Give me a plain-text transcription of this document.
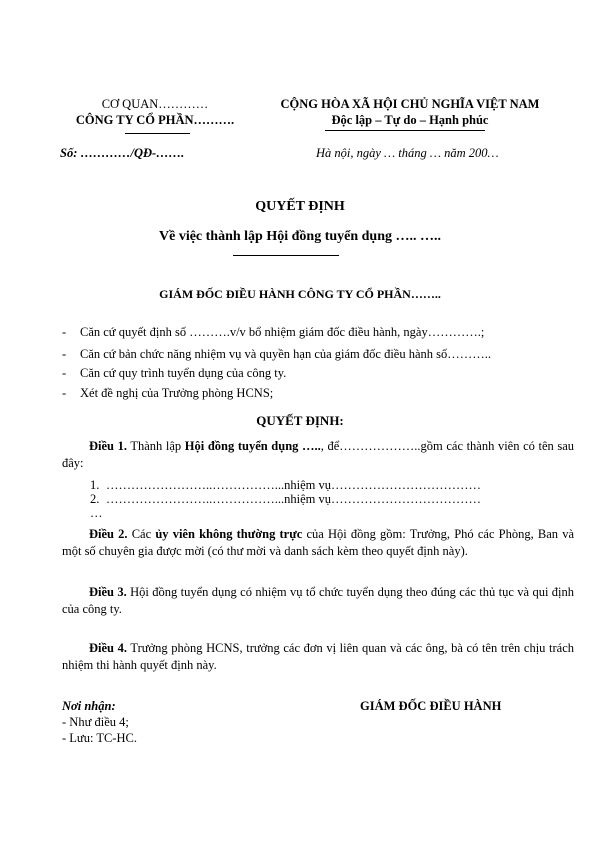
CƠ QUAN…………
CÔNG TY CỔ PHẦN……….
CỘNG HÒA XÃ HỘI CHỦ NGHĨA VIỆT NAM
Độc lập – Tự do – Hạnh phúc
Số: …………/QĐ-…….	Hà nội, ngày … tháng … năm 200…
QUYẾT ĐỊNH
Về việc thành lập Hội đồng tuyển dụng ….. …..
GIÁM ĐỐC ĐIỀU HÀNH CÔNG TY CỔ PHẦN……..
- Căn cứ quyết định số ……….v/v bổ nhiệm giám đốc điều hành, ngày………….;
- Căn cứ bản chức năng nhiệm vụ và quyền hạn của giám đốc điều hành số………..
- Căn cứ quy trình tuyển dụng của công ty.
- Xét đề nghị của Trưởng phòng HCNS;
QUYẾT ĐỊNH:
Điều 1. Thành lập Hội đồng tuyển dụng ….., để………………..gồm các thành viên có tên sau đây:
1. ……………………..……………...nhiệm vụ………………………………
2. ……………………..……………...nhiệm vụ………………………………
…
Điều 2. Các ủy viên không thường trực của Hội đồng gồm: Trưởng, Phó các Phòng, Ban và một số chuyên gia được mời (có thư mời và danh sách kèm theo quyết định này).
Điều 3. Hội đồng tuyển dụng có nhiệm vụ tổ chức tuyển dụng theo đúng các thủ tục và qui định của công ty.
Điều 4. Trưởng phòng HCNS, trưởng các đơn vị liên quan và các ông, bà có tên trên chịu trách nhiệm thi hành quyết định này.
Nơi nhận:
- Như điều 4;
- Lưu: TC-HC.
GIÁM ĐỐC ĐIỀU HÀNH
